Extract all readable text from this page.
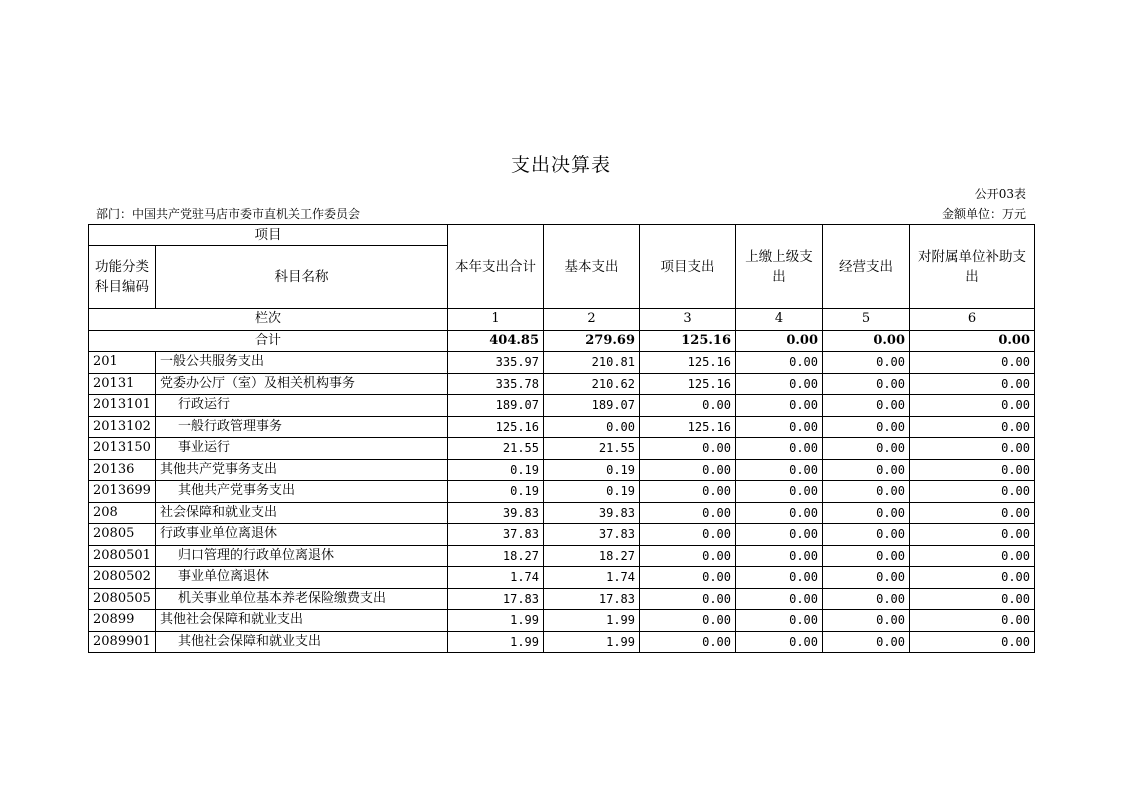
支出决算表
公开03表
部门：中国共产党驻马店市委市直机关工作委员会	金额单位：万元
项目		本年支出合计	基本支出	项目支出	上缴上级支出	经营支出	对附属单位补助支出
功能分类科目编码	科目名称						
栏次		1	2	3	4	5	6
合计		404.85	279.69	125.16	0.00	0.00	0.00
201	一般公共服务支出	335.97	210.81	125.16	0.00	0.00	0.00
20131	党委办公厅（室）及相关机构事务	335.78	210.62	125.16	0.00	0.00	0.00
2013101	行政运行	189.07	189.07	0.00	0.00	0.00	0.00
2013102	一般行政管理事务	125.16	0.00	125.16	0.00	0.00	0.00
2013150	事业运行	21.55	21.55	0.00	0.00	0.00	0.00
20136	其他共产党事务支出	0.19	0.19	0.00	0.00	0.00	0.00
2013699	其他共产党事务支出	0.19	0.19	0.00	0.00	0.00	0.00
208	社会保障和就业支出	39.83	39.83	0.00	0.00	0.00	0.00
20805	行政事业单位离退休	37.83	37.83	0.00	0.00	0.00	0.00
2080501	归口管理的行政单位离退休	18.27	18.27	0.00	0.00	0.00	0.00
2080502	事业单位离退休	1.74	1.74	0.00	0.00	0.00	0.00
2080505	机关事业单位基本养老保险缴费支出	17.83	17.83	0.00	0.00	0.00	0.00
20899	其他社会保障和就业支出	1.99	1.99	0.00	0.00	0.00	0.00
2089901	其他社会保障和就业支出	1.99	1.99	0.00	0.00	0.00	0.00
